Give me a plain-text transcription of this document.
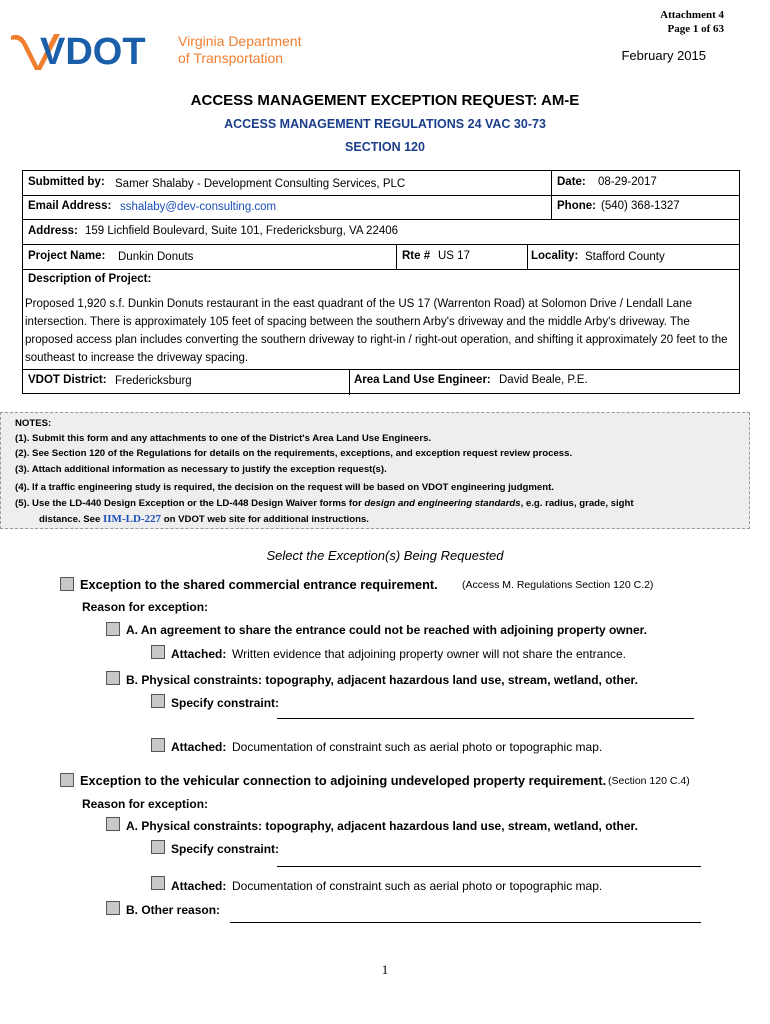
Attachment 4
Page 1 of 63
February 2015
VDOT Virginia Department
of Transportation
ACCESS MANAGEMENT EXCEPTION REQUEST: AM-E
ACCESS MANAGEMENT REGULATIONS 24 VAC 30-73
SECTION 120
Submitted by: Samer Shalaby - Development Consulting Services, PLC	Date: 08-29-2017
Email Address: sshalaby@dev-consulting.com	Phone: (540) 368-1327
Address: 159 Lichfield Boulevard, Suite 101, Fredericksburg, VA 22406
Project Name: Dunkin Donuts	Rte # US 17	Locality: Stafford County
Description of Project:
Proposed 1,920 s.f. Dunkin Donuts restaurant in the east quadrant of the US 17 (Warrenton Road) at Solomon Drive / Lendall Lane intersection. There is approximately 105 feet of spacing between the southern Arby's driveway and the middle Arby's driveway. The proposed access plan includes converting the southern driveway to right-in / right-out operation, and shifting it approximately 20 feet to the southeast to increase the driveway spacing.
VDOT District: Fredericksburg	Area Land Use Engineer: David Beale, P.E.
NOTES:
(1). Submit this form and any attachments to one of the District's Area Land Use Engineers.
(2). See Section 120 of the Regulations for details on the requirements, exceptions, and exception request review process.
(3). Attach additional information as necessary to justify the exception request(s).
(4). If a traffic engineering study is required, the decision on the request will be based on VDOT engineering judgment.
(5). Use the LD-440 Design Exception or the LD-448 Design Waiver forms for design and engineering standards, e.g. radius, grade, sight
distance. See IIM-LD-227 on VDOT web site for additional instructions.
Select the Exception(s) Being Requested
Exception to the shared commercial entrance requirement. (Access M. Regulations Section 120 C.2)
Reason for exception:
A. An agreement to share the entrance could not be reached with adjoining property owner.
Attached: Written evidence that adjoining property owner will not share the entrance.
B. Physical constraints: topography, adjacent hazardous land use, stream, wetland, other.
Specify constraint:
Attached: Documentation of constraint such as aerial photo or topographic map.
Exception to the vehicular connection to adjoining undeveloped property requirement. (Section 120 C.4)
Reason for exception:
A. Physical constraints: topography, adjacent hazardous land use, stream, wetland, other.
Specify constraint:
Attached: Documentation of constraint such as aerial photo or topographic map.
B. Other reason:
1
